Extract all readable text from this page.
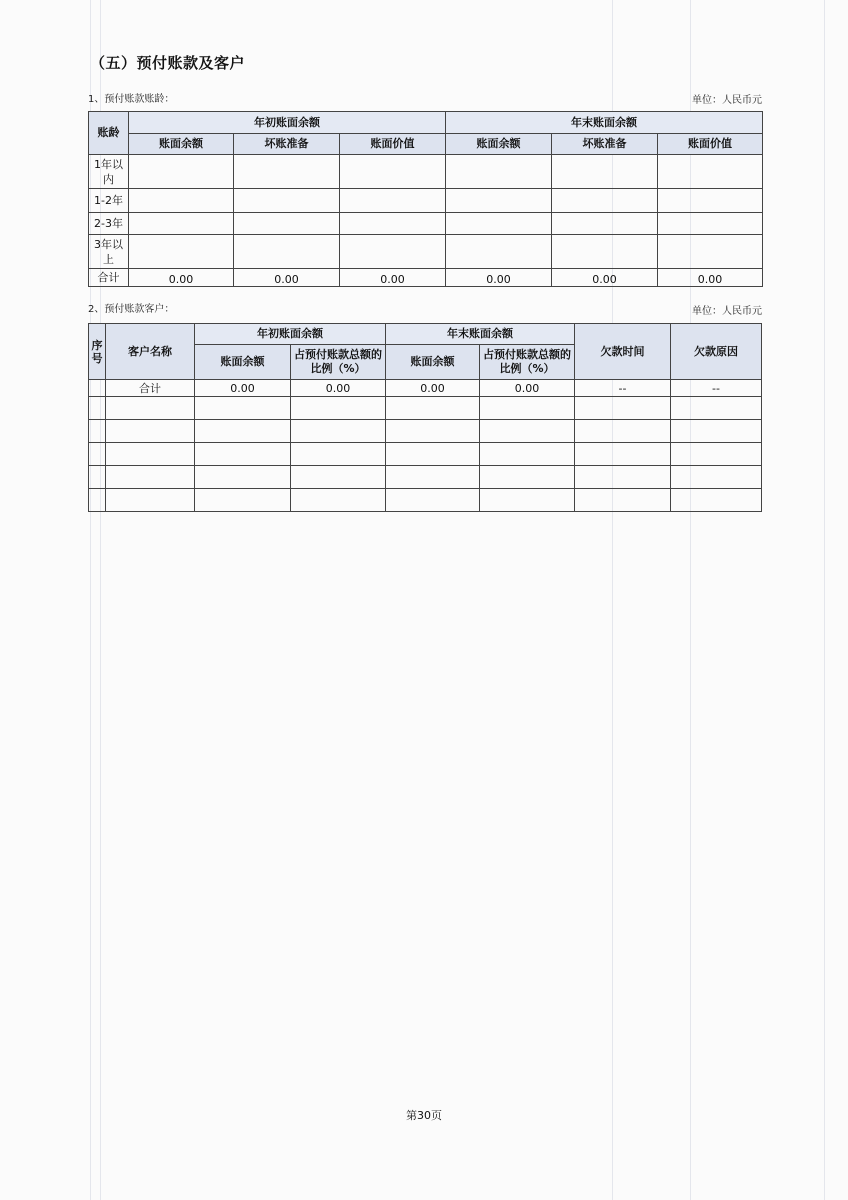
（五）预付账款及客户
1、预付账款账龄：	单位：人民币元
账龄	年初账面余额			年末账面余额		
	账面余额	坏账准备	账面价值	账面余额	坏账准备	账面价值
1年以内						
1-2年						
2-3年						
3年以上						
合计	0.00	0.00	0.00	0.00	0.00	0.00
2、预付账款客户：	单位：人民币元
序号	客户名称	年初账面余额		年末账面余额		欠款时间	欠款原因
		账面余额	占预付账款总额的比例（%）	账面余额	占预付账款总额的比例（%）		
	合计	0.00	0.00	0.00	0.00	--	--

第30页
